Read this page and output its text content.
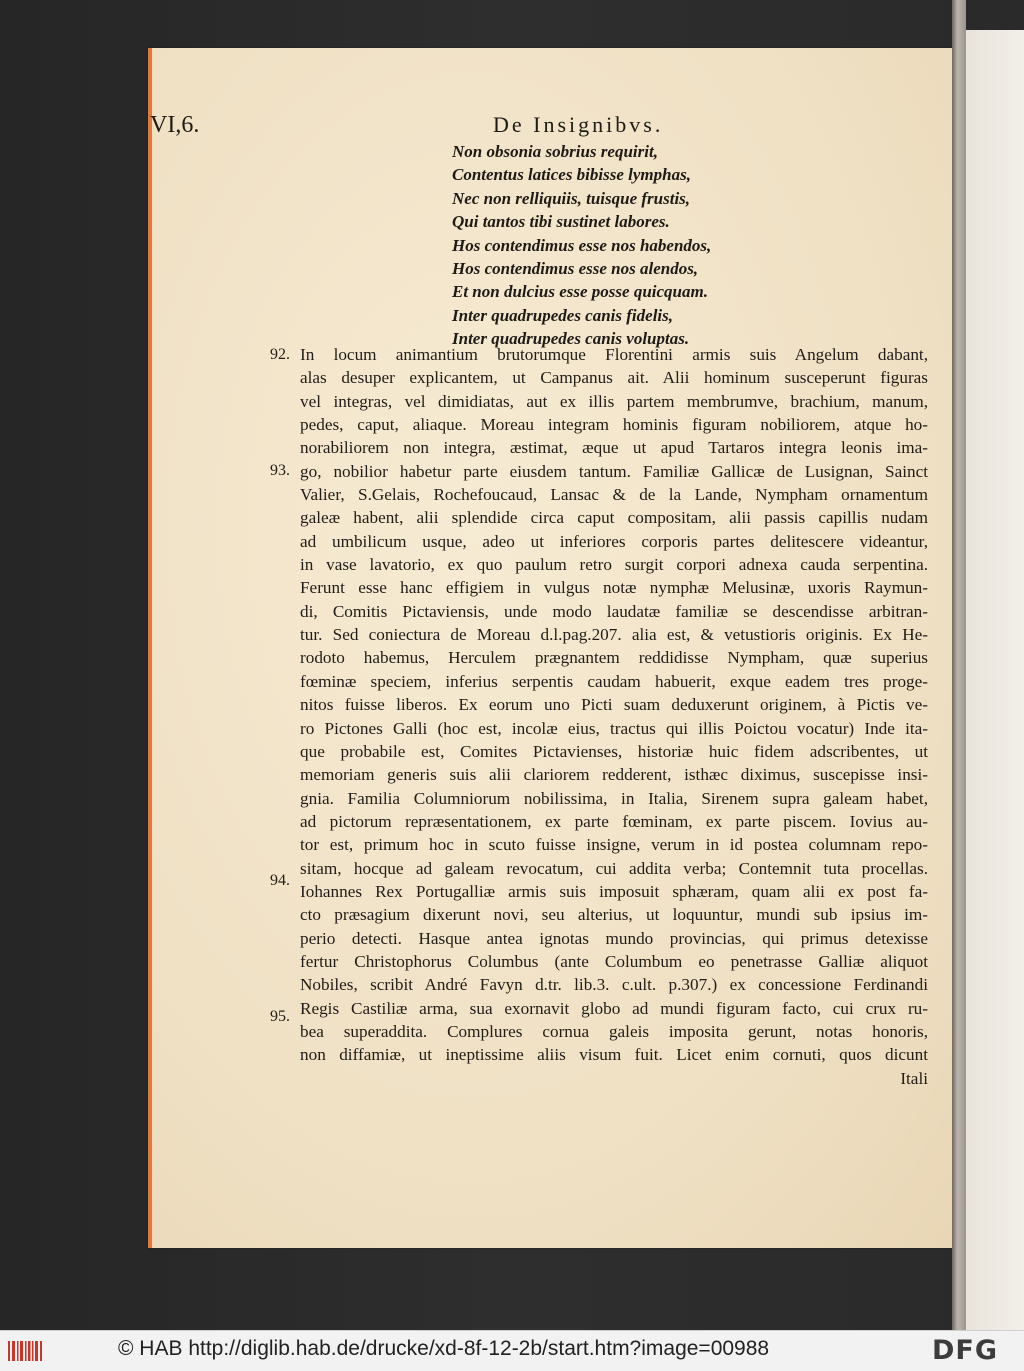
VI,6.	De Insignibvs.
Non obsonia sobrius requirit,
Contentus latices bibisse lymphas,
Nec non relliquiis, tuisque frustis,
Qui tantos tibi sustinet labores.
Hos contendimus esse nos habendos,
Hos contendimus esse nos alendos,
Et non dulcius esse posse quicquam.
Inter quadrupedes canis fidelis,
Inter quadrupedes canis voluptas.
92.
93.
94.
95.
In locum animantium brutorumque Florentini armis suis Angelum dabant,
alas desuper explicantem, ut Campanus ait. Alii hominum susceperunt figuras
vel integras, vel dimidiatas, aut ex illis partem membrumve, brachium, manum,
pedes, caput, aliaque. Moreau integram hominis figuram nobiliorem, atque ho-
norabiliorem non integra, æstimat, æque ut apud Tartaros integra leonis ima-
go, nobilior habetur parte eiusdem tantum. Familiæ Gallicæ de Lusignan, Sainct
Valier, S.Gelais, Rochefoucaud, Lansac & de la Lande, Nympham ornamentum
galeæ habent, alii splendide circa caput compositam, alii passis capillis nudam
ad umbilicum usque, adeo ut inferiores corporis partes delitescere videantur,
in vase lavatorio, ex quo paulum retro surgit corpori adnexa cauda serpentina.
Ferunt esse hanc effigiem in vulgus notæ nymphæ Melusinæ, uxoris Raymun-
di, Comitis Pictaviensis, unde modo laudatæ familiæ se descendisse arbitran-
tur. Sed coniectura de Moreau d.l.pag.207. alia est, & vetustioris originis. Ex He-
rodoto habemus, Herculem prægnantem reddidisse Nympham, quæ superius
fœminæ speciem, inferius serpentis caudam habuerit, exque eadem tres proge-
nitos fuisse liberos. Ex eorum uno Picti suam deduxerunt originem, à Pictis ve-
ro Pictones Galli (hoc est, incolæ eius, tractus qui illis Poictou vocatur) Inde ita-
que probabile est, Comites Pictavienses, historiæ huic fidem adscribentes, ut
memoriam generis suis alii clariorem redderent, isthæc diximus, suscepisse insi-
gnia. Familia Columniorum nobilissima, in Italia, Sirenem supra galeam habet,
ad pictorum repræsentationem, ex parte fœminam, ex parte piscem. Iovius au-
tor est, primum hoc in scuto fuisse insigne, verum in id postea columnam repo-
sitam, hocque ad galeam revocatum, cui addita verba; Contemnit tuta procellas.
Iohannes Rex Portugalliæ armis suis imposuit sphæram, quam alii ex post fa-
cto præsagium dixerunt novi, seu alterius, ut loquuntur, mundi sub ipsius im-
perio detecti. Hasque antea ignotas mundo provincias, qui primus detexisse
fertur Christophorus Columbus (ante Columbum eo penetrasse Galliæ aliquot
Nobiles, scribit André Favyn d.tr. lib.3. c.ult. p.307.) ex concessione Ferdinandi
Regis Castiliæ arma, sua exornavit globo ad mundi figuram facto, cui crux ru-
bea superaddita. Complures cornua galeis imposita gerunt, notas honoris,
non diffamiæ, ut ineptissime aliis visum fuit. Licet enim cornuti, quos dicunt
Itali
© HAB http://diglib.hab.de/drucke/xd-8f-12-2b/start.htm?image=00988	DFG
